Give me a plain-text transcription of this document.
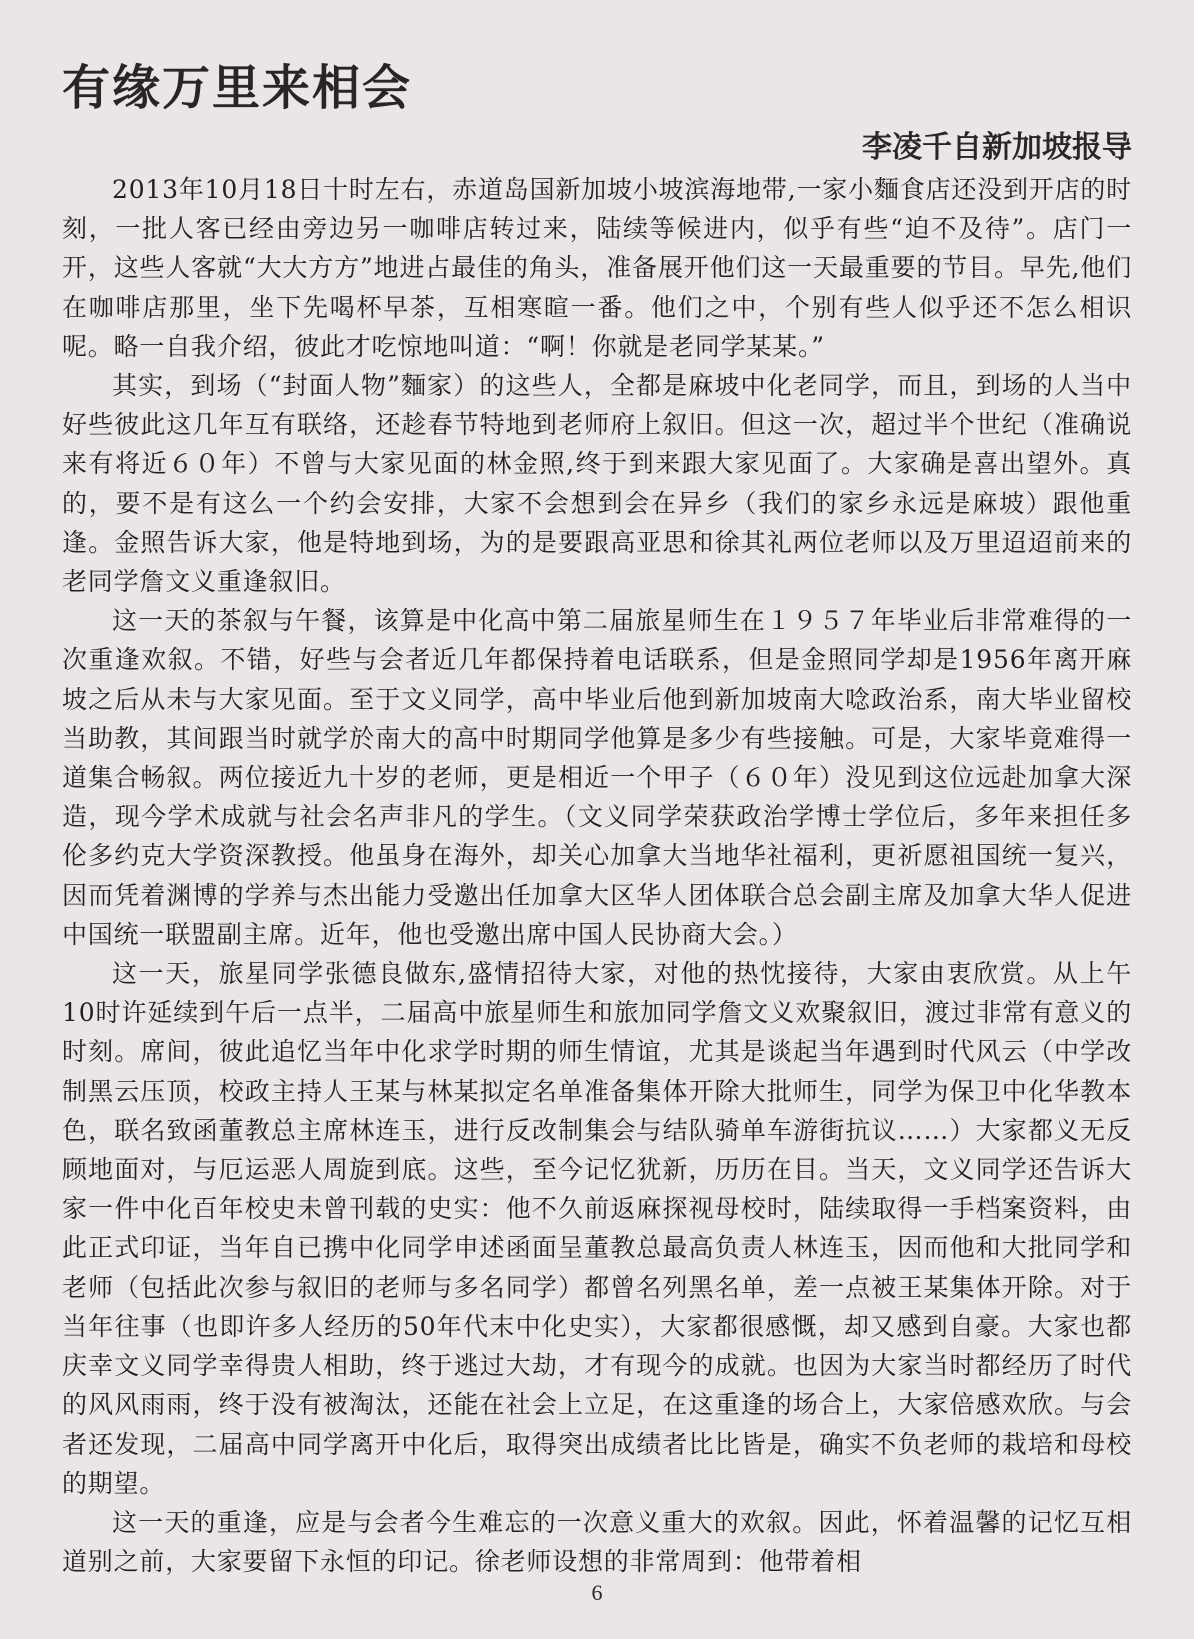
有缘万里来相会
李凌千自新加坡报导

2013年10月18日十时左右，赤道岛国新加坡小坡滨海地带,一家小麵食店还没到开店的时刻，一批人客已经由旁边另一咖啡店转过来，陆续等候进内，似乎有些“迫不及待”。店门一开，这些人客就“大大方方”地进占最佳的角头，准备展开他们这一天最重要的节目。早先,他们在咖啡店那里，坐下先喝杯早茶，互相寒暄一番。他们之中，个别有些人似乎还不怎么相识呢。略一自我介绍，彼此才吃惊地叫道：“啊！你就是老同学某某。”

其实，到场（“封面人物”麵家）的这些人，全都是麻坡中化老同学，而且，到场的人当中好些彼此这几年互有联络，还趁春节特地到老师府上叙旧。但这一次，超过半个世纪（准确说来有将近６０年）不曾与大家见面的林金照,终于到来跟大家见面了。大家确是喜出望外。真的，要不是有这么一个约会安排，大家不会想到会在异乡（我们的家乡永远是麻坡）跟他重逢。金照告诉大家，他是特地到场，为的是要跟高亚思和徐其礼两位老师以及万里迢迢前来的老同学詹文义重逢叙旧。

这一天的茶叙与午餐，该算是中化高中第二届旅星师生在１９５７年毕业后非常难得的一次重逢欢叙。不错，好些与会者近几年都保持着电话联系，但是金照同学却是1956年离开麻坡之后从未与大家见面。至于文义同学，高中毕业后他到新加坡南大唸政治系，南大毕业留校当助教，其间跟当时就学於南大的高中时期同学他算是多少有些接触。可是，大家毕竟难得一道集合畅叙。两位接近九十岁的老师，更是相近一个甲子（６０年）没见到这位远赴加拿大深造，现今学术成就与社会名声非凡的学生。（文义同学荣获政治学博士学位后，多年来担任多伦多约克大学资深教授。他虽身在海外，却关心加拿大当地华社福利，更祈愿祖国统一复兴，因而凭着渊博的学养与杰出能力受邀出任加拿大区华人团体联合总会副主席及加拿大华人促进中国统一联盟副主席。近年，他也受邀出席中国人民协商大会。）

这一天，旅星同学张德良做东,盛情招待大家，对他的热忱接待，大家由衷欣赏。从上午10时许延续到午后一点半，二届高中旅星师生和旅加同学詹文义欢聚叙旧，渡过非常有意义的时刻。席间，彼此追忆当年中化求学时期的师生情谊，尤其是谈起当年遇到时代风云（中学改制黑云压顶，校政主持人王某与林某拟定名单准备集体开除大批师生，同学为保卫中化华教本色，联名致函董教总主席林连玉，进行反改制集会与结队骑单车游街抗议……）大家都义无反顾地面对，与厄运恶人周旋到底。这些，至今记忆犹新，历历在目。当天，文义同学还告诉大家一件中化百年校史未曾刊载的史实：他不久前返麻探视母校时，陆续取得一手档案资料，由此正式印证，当年自已携中化同学申述函面呈董教总最高负责人林连玉，因而他和大批同学和老师（包括此次参与叙旧的老师与多名同学）都曾名列黑名单，差一点被王某集体开除。对于当年往事（也即许多人经历的50年代末中化史实），大家都很感慨，却又感到自豪。大家也都庆幸文义同学幸得贵人相助，终于逃过大劫，才有现今的成就。也因为大家当时都经历了时代的风风雨雨，终于没有被淘汰，还能在社会上立足，在这重逢的场合上，大家倍感欢欣。与会者还发现，二届高中同学离开中化后，取得突出成绩者比比皆是，确实不负老师的栽培和母校的期望。

这一天的重逢，应是与会者今生难忘的一次意义重大的欢叙。因此，怀着温馨的记忆互相道别之前，大家要留下永恒的印记。徐老师设想的非常周到：他带着相

6
